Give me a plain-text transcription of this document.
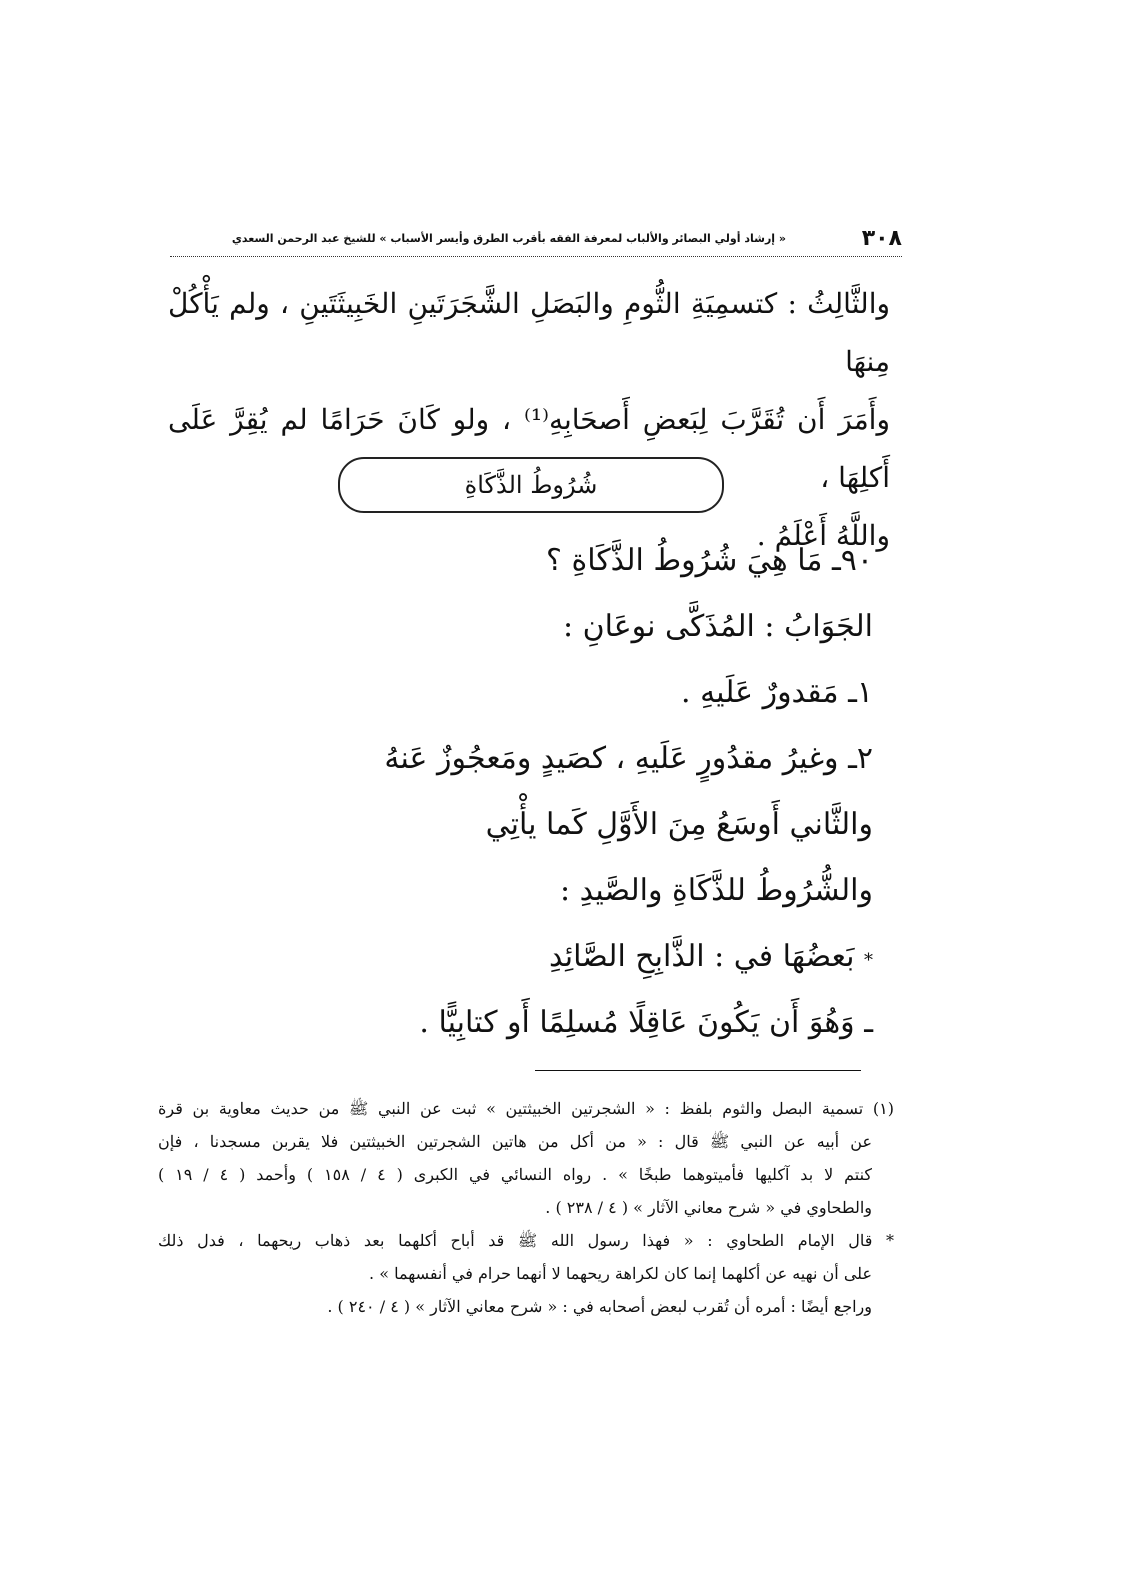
٣٠٨
« إرشاد أولي البصائر والألباب لمعرفة الفقه بأقرب الطرق وأيسر الأسباب » للشيخ عبد الرحمن السعدي

والثَّالِثُ : كتسمِيَةِ الثُّومِ والبَصَلِ الشَّجَرَتَينِ الخَبِيثَتَينِ ، ولم يَأْكُلْ مِنهَا

وأَمَرَ أَن تُقَرَّبَ لِبَعضِ أَصحَابِهِ⁽¹⁾ ، ولو كَانَ حَرَامًا لم يُقِرَّ عَلَى أَكلِهَا ،

واللَّهُ أَعْلَمُ .

شُرُوطُ الذَّكَاةِ

٩٠ـ مَا هِيَ شُرُوطُ الذَّكَاةِ ؟

الجَوَابُ : المُذَكَّى نوعَانِ :

١ـ مَقدورٌ عَلَيهِ .

٢ـ وغيرُ مقدُورٍ عَلَيهِ ، كصَيدٍ ومَعجُوزٌ عَنهُ

والثَّاني أَوسَعُ مِنَ الأَوَّلِ كَما يأْتِي

والشُّرُوطُ للذَّكَاةِ والصَّيدِ :

* بَعضُهَا في : الذَّابِحِ الصَّائِدِ

ـ وَهُوَ أَن يَكُونَ عَاقِلًا مُسلِمًا أَو كتابِيًّا .

(١) تسمية البصل والثوم بلفظ : « الشجرتين الخبيثتين » ثبت عن النبي ﷺ من حديث معاوية بن قرة

عن أبيه عن النبي ﷺ قال : « من أكل من هاتين الشجرتين الخبيثتين فلا يقربن مسجدنا ، فإن

كنتم لا بد آكليها فأميتوهما طبخًا » . رواه النسائي في الكبرى ( ٤ / ١٥٨ ) وأحمد ( ٤ / ١٩ )

والطحاوي في « شرح معاني الآثار » ( ٤ / ٢٣٨ ) .

* قال الإمام الطحاوي : « فهذا رسول الله ﷺ قد أباح أكلهما بعد ذهاب ريحهما ، فدل ذلك

على أن نهيه عن أكلهما إنما كان لكراهة ريحهما لا أنهما حرام في أنفسهما » .

وراجع أيضًا : أمره أن تُقرب لبعض أصحابه في : « شرح معاني الآثار » ( ٤ / ٢٤٠ ) .
